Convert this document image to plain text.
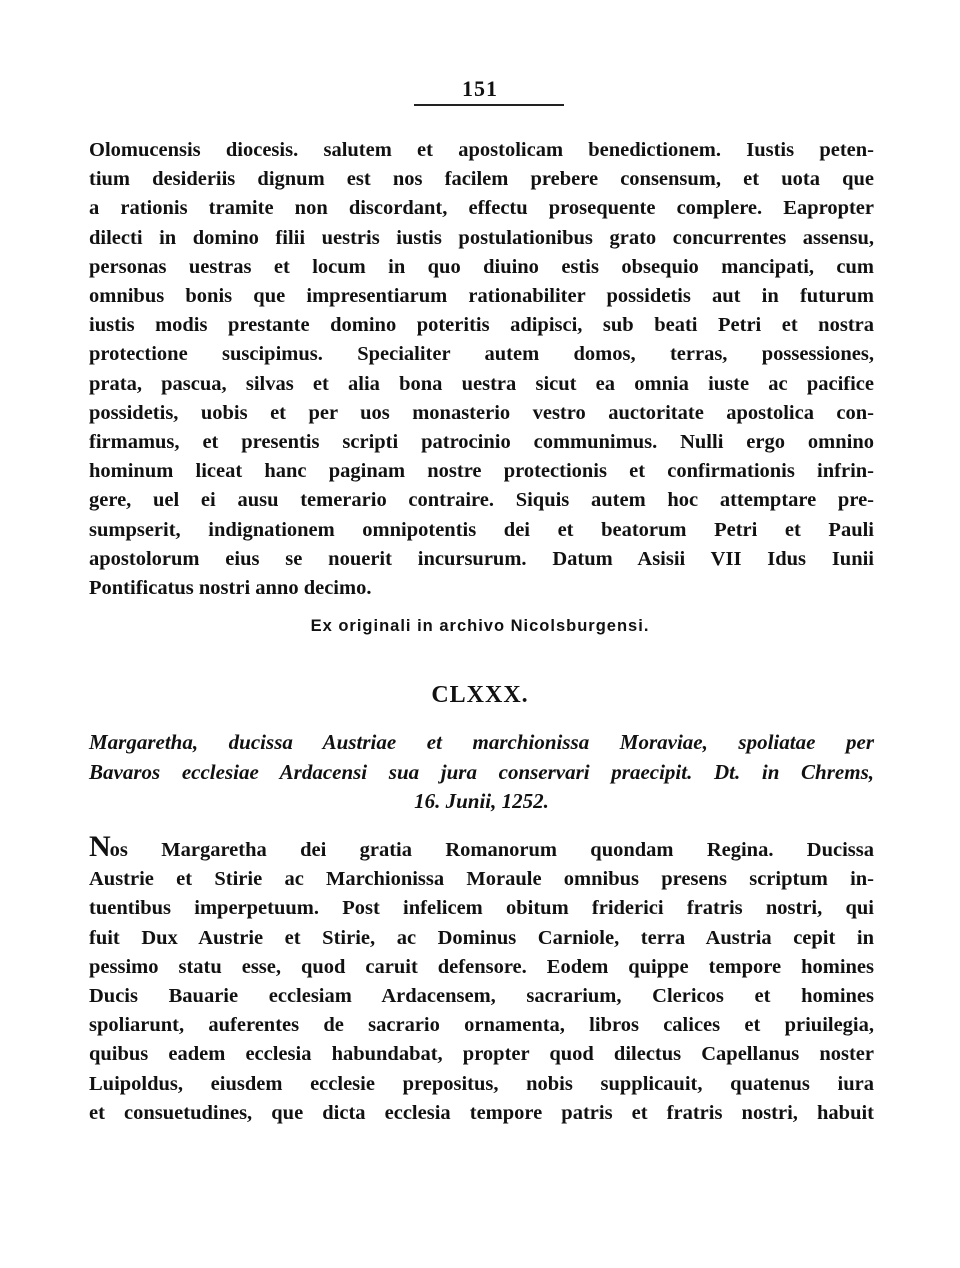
151
Olomucensis diocesis. salutem et apostolicam benedictionem. Iustis peten-
tium desideriis dignum est nos facilem prebere consensum, et uota que
a rationis tramite non discordant, effectu prosequente complere. Eapropter
dilecti in domino filii uestris iustis postulationibus grato concurrentes assensu,
personas uestras et locum in quo diuino estis obsequio mancipati, cum
omnibus bonis que impresentiarum rationabiliter possidetis aut in futurum
iustis modis prestante domino poteritis adipisci, sub beati Petri et nostra
protectione suscipimus. Specialiter autem domos, terras, possessiones,
prata, pascua, silvas et alia bona uestra sicut ea omnia iuste ac pacifice
possidetis, uobis et per uos monasterio vestro auctoritate apostolica con-
firmamus, et presentis scripti patrocinio communimus. Nulli ergo omnino
hominum liceat hanc paginam nostre protectionis et confirmationis infrin-
gere, uel ei ausu temerario contraire. Siquis autem hoc attemptare pre-
sumpserit, indignationem omnipotentis dei et beatorum Petri et Pauli
apostolorum eius se nouerit incursurum. Datum Asisii VII Idus Iunii
Pontificatus nostri anno decimo.
Ex originali in archivo Nicolsburgensi.
CLXXX.
Margaretha, ducissa Austriae et marchionissa Moraviae, spoliatae per
Bavaros ecclesiae Ardacensi sua jura conservari praecipit. Dt. in Chrems,
16. Junii, 1252.
Nos Margaretha dei gratia Romanorum quondam Regina. Ducissa
Austrie et Stirie ac Marchionissa Moraule omnibus presens scriptum in-
tuentibus imperpetuum. Post infelicem obitum friderici fratris nostri, qui
fuit Dux Austrie et Stirie, ac Dominus Carniole, terra Austria cepit in
pessimo statu esse, quod caruit defensore. Eodem quippe tempore homines
Ducis Bauarie ecclesiam Ardacensem, sacrarium, Clericos et homines
spoliarunt, auferentes de sacrario ornamenta, libros calices et priuilegia,
quibus eadem ecclesia habundabat, propter quod dilectus Capellanus noster
Luipoldus, eiusdem ecclesie prepositus, nobis supplicauit, quatenus iura
et consuetudines, que dicta ecclesia tempore patris et fratris nostri, habuit
